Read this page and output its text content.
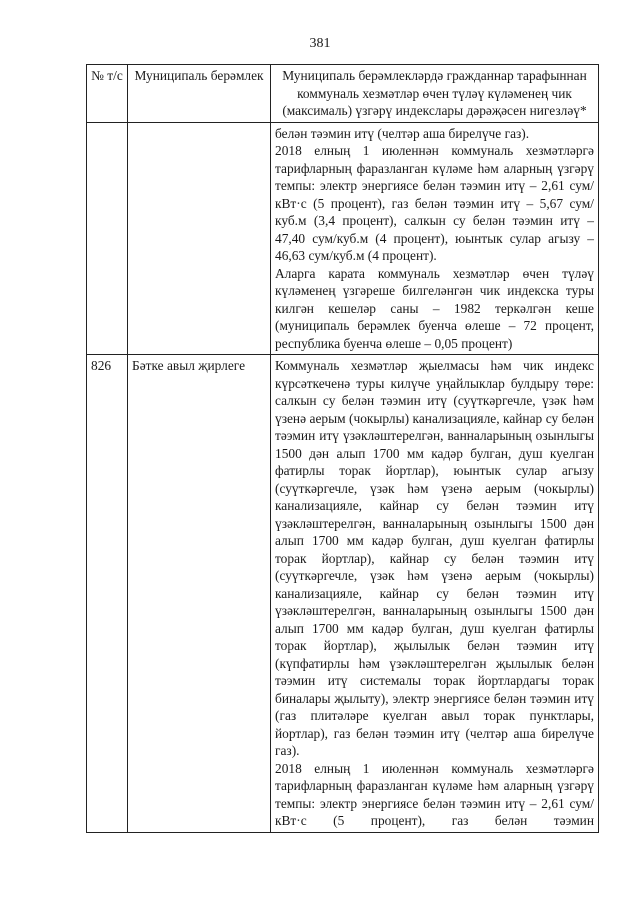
381
№ т/с	Муниципаль берәмлек	Муниципаль берәмлекләрдә гражданнар тарафыннан коммуналь хезмәтләр өчен түләү күләменең чик (максималь) үзгәрү индекслары дәрәҗәсен нигезләү*

		белән тәэмин итү (челтәр аша бирелүче газ).

2018 елның 1 июленнән коммуналь хезмәтләргә тарифларның фаразланган күләме һәм аларның үзгәрү темпы: электр энергиясе белән тәэмин итү – 2,61 сум/кВт·с (5 процент), газ белән тәэмин итү – 5,67 сум/куб.м (3,4 процент), салкын су белән тәэмин итү – 47,40 сум/куб.м (4 процент), юынтык сулар агызу – 46,63 сум/куб.м (4 процент).

Аларга карата коммуналь хезмәтләр өчен түләү күләменең үзгәреше билгеләнгән чик индекска туры килгән кешеләр саны – 1982 теркәлгән кеше (муниципаль берәмлек буенча өлеше – 72 процент, республика буенча өлеше – 0,05 процент)

826	Бәтке авыл җирлеге	Коммуналь хезмәтләр җыелмасы һәм чик индекс күрсәткеченә туры килүче уңайлыклар булдыру төре: салкын су белән тәэмин итү (суүткәргечле, үзәк һәм үзенә аерым (чокырлы) канализацияле, кайнар су белән тәэмин итү үзәкләштерелгән, ванналарының озынлыгы 1500 дән алып 1700 мм кадәр булган, душ куелган фатирлы торак йортлар), юынтык сулар агызу (суүткәргечле, үзәк һәм үзенә аерым (чокырлы) канализацияле, кайнар су белән тәэмин итү үзәкләштерелгән, ванналарының озынлыгы 1500 дән алып 1700 мм кадәр булган, душ куелган фатирлы торак йортлар), кайнар су белән тәэмин итү (суүткәргечле, үзәк һәм үзенә аерым (чокырлы) канализацияле, кайнар су белән тәэмин итү үзәкләштерелгән, ванналарының озынлыгы 1500 дән алып 1700 мм кадәр булган, душ куелган фатирлы торак йортлар), җылылык белән тәэмин итү (күпфатирлы һәм үзәкләштерелгән җылылык белән тәэмин итү системалы торак йортлардагы торак биналары җылыту), электр энергиясе белән тәэмин итү (газ плитәләре куелган авыл торак пунктлары, йортлар), газ белән тәэмин итү (челтәр аша бирелүче газ).

2018 елның 1 июленнән коммуналь хезмәтләргә тарифларның фаразланган күләме һәм аларның үзгәрү темпы: электр энергиясе белән тәэмин итү – 2,61 сум/кВт·с (5 процент), газ белән тәэмин
